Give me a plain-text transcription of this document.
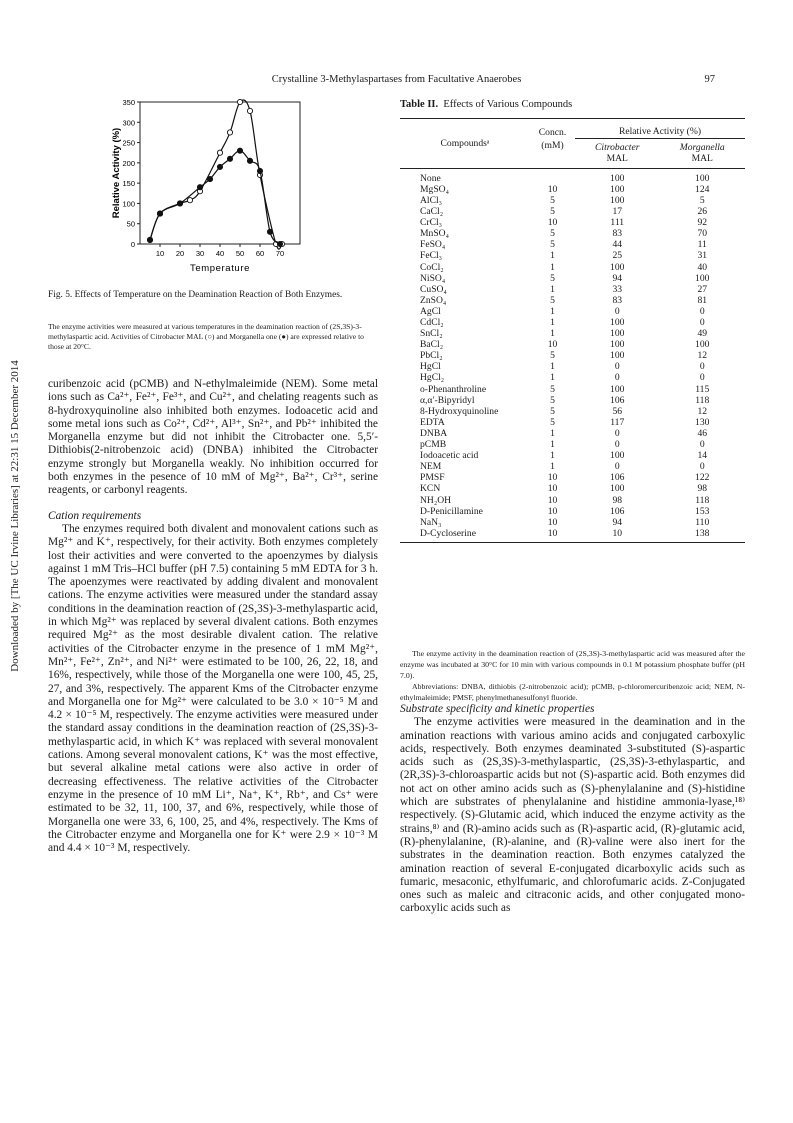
Crystalline 3-Methylaspartases from Facultative Anaerobes	97
Downloaded by [The UC Irvine Libraries] at 22:31 15 December 2014
0
50
100
150
200
250
300
350
10 20 30 40 50 60 70
Temperature
Relative Activity (%)
Fig. 5. Effects of Temperature on the Deamination Reaction of Both Enzymes.
The enzyme activities were measured at various temperatures in the deamination reaction of (2S,3S)-3-methylaspartic acid. Activities of Citrobacter MAL (○) and Morganella one (●) are expressed relative to those at 20°C.

curibenzoic acid (pCMB) and N-ethylmaleimide (NEM). Some metal ions such as Ca²⁺, Fe²⁺, Fe³⁺, and Cu²⁺, and chelating reagents such as 8-hydroxyquinoline also inhibited both enzymes. Iodoacetic acid and some metal ions such as Co²⁺, Cd²⁺, Al³⁺, Sn²⁺, and Pb²⁺ inhibited the Morganella enzyme but did not inhibit the Citrobacter one. 5,5′-Dithiobis(2-nitrobenzoic acid) (DNBA) inhibited the Citrobacter enzyme strongly but Morganella weakly. No inhibition occurred for both enzymes in the pesence of 10 mM of Mg²⁺, Ba²⁺, Cr³⁺, serine reagents, or carbonyl reagents.

Cation requirements

The enzymes required both divalent and monovalent cations such as Mg²⁺ and K⁺, respectively, for their activity. Both enzymes completely lost their activities and were converted to the apoenzymes by dialysis against 1 mM Tris–HCl buffer (pH 7.5) containing 5 mM EDTA for 3 h. The apoenzymes were reactivated by adding divalent and monovalent cations. The enzyme activities were measured under the standard assay conditions in the deamination reaction of (2S,3S)-3-methylaspartic acid, in which Mg²⁺ was replaced by several divalent cations. Both enzymes required Mg²⁺ as the most desirable divalent cation. The relative activities of the Citrobacter enzyme in the presence of 1 mM Mg²⁺, Mn²⁺, Fe²⁺, Zn²⁺, and Ni²⁺ were estimated to be 100, 26, 22, 18, and 16%, respectively, while those of the Morganella one were 100, 45, 25, 27, and 3%, respectively. The apparent Kms of the Citrobacter enzyme and Morganella one for Mg²⁺ were calculated to be 3.0 × 10⁻⁵ M and 4.2 × 10⁻⁵ M, respectively. The enzyme activities were measured under the standard assay conditions in the deamination reaction of (2S,3S)-3-methylaspartic acid, in which K⁺ was replaced with several monovalent cations. Among several monovalent cations, K⁺ was the most effective, but several alkaline metal cations were also active in order of decreasing effectiveness. The relative activities of the Citrobacter enzyme in the presence of 10 mM Li⁺, Na⁺, K⁺, Rb⁺, and Cs⁺ were estimated to be 32, 11, 100, 37, and 6%, respectively, while those of Morganella one were 33, 6, 100, 25, and 4%, respectively. The Kms of the Citrobacter enzyme and Morganella one for K⁺ were 2.9 × 10⁻³ M and 4.4 × 10⁻³ M, respectively.

Table II. Effects of Various Compounds
Compoundsᵃ	Concn.	Relative Activity (%)	
	(mM)	Citrobacter	Morganella
		MAL	MAL
None		100	100
MgSO₄	10	100	124
AlCl₃	5	100	5
CaCl₂	5	17	26
CrCl₃	10	111	92
MnSO₄	5	83	70
FeSO₄	5	44	11
FeCl₃	1	25	31
CoCl₂	1	100	40
NiSO₄	5	94	100
CuSO₄	1	33	27
ZnSO₄	5	83	81
AgCl	1	0	0
CdCl₂	1	100	0
SnCl₂	1	100	49
BaCl₂	10	100	100
PbCl₂	5	100	12
HgCl	1	0	0
HgCl₂	1	0	0
o-Phenanthroline	5	100	115
α,α′-Bipyridyl	5	106	118
8-Hydroxyquinoline	5	56	12
EDTA	5	117	130
DNBA	1	0	46
pCMB	1	0	0
Iodoacetic acid	1	100	14
NEM	1	0	0
PMSF	10	106	122
KCN	10	100	98
NH₂OH	10	98	118
D-Penicillamine	10	106	153
NaN₃	10	94	110
D-Cycloserine	10	10	138

The enzyme activity in the deamination reaction of (2S,3S)-3-methylaspartic acid was measured after the enzyme was incubated at 30°C for 10 min with various compounds in 0.1 M potassium phosphate buffer (pH 7.0).

Abbreviations: DNBA, dithiobis (2-nitrobenzoic acid); pCMB, p-chloromercuribenzoic acid; NEM, N-ethylmaleimide; PMSF, phenylmethanesulfonyl fluoride.

Substrate specificity and kinetic properties

The enzyme activities were measured in the deamination and in the amination reactions with various amino acids and conjugated carboxylic acids, respectively. Both enzymes deaminated 3-substituted (S)-aspartic acids such as (2S,3S)-3-methylaspartic, (2S,3S)-3-ethylaspartic, and (2R,3S)-3-chloroaspartic acids but not (S)-aspartic acid. Both enzymes did not act on other amino acids such as (S)-phenylalanine and (S)-histidine which are substrates of phenylalanine and histidine ammonia-lyase,¹⁸⁾ respectively. (S)-Glutamic acid, which induced the enzyme activity as the strains,⁸⁾ and (R)-amino acids such as (R)-aspartic acid, (R)-glutamic acid, (R)-phenylalanine, (R)-alanine, and (R)-valine were also inert for the substrates in the deamination reaction. Both enzymes catalyzed the amination reaction of several E-conjugated dicarboxylic acids such as fumaric, mesaconic, ethylfumaric, and chlorofumaric acids. Z-Conjugated ones such as maleic and citraconic acids, and other conjugated mono-carboxylic acids such as
